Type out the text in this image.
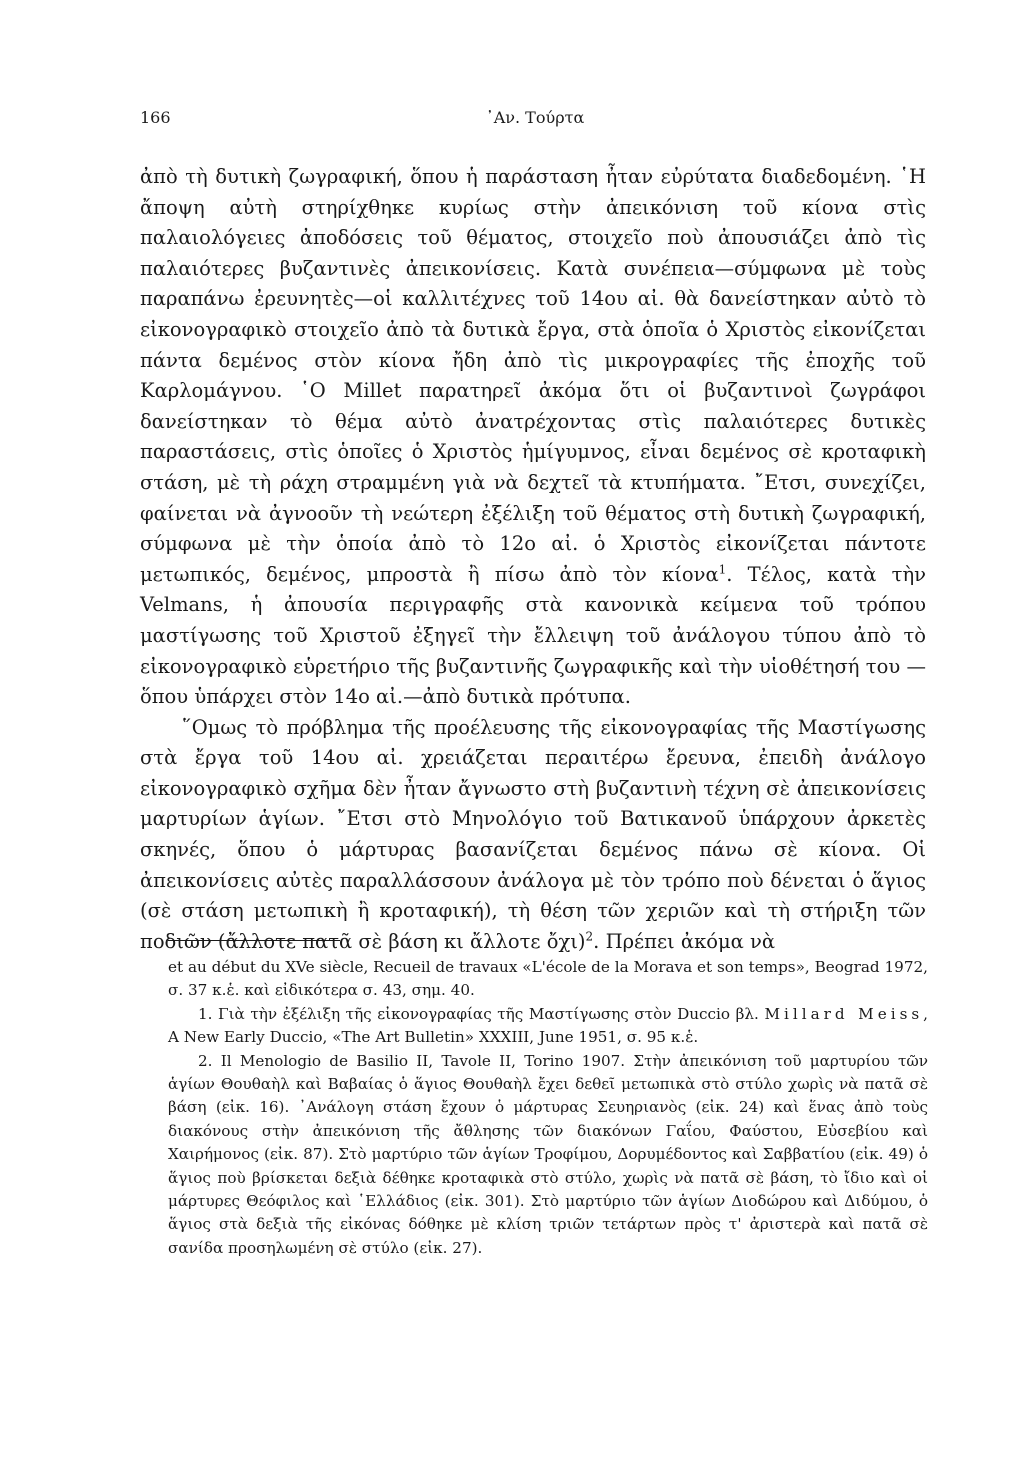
166	᾿Αν. Τούρτα

ἀπὸ τὴ δυτικὴ ζωγραφική, ὅπου ἡ παράσταση ἦταν εὐρύτατα διαδεδομένη. ῾Η ἄποψη αὐτὴ στηρίχθηκε κυρίως στὴν ἀπεικόνιση τοῦ κίονα στὶς παλαιολόγειες ἀποδόσεις τοῦ θέματος, στοιχεῖο ποὺ ἀπουσιάζει ἀπὸ τὶς παλαιότερες βυζαντινὲς ἀπεικονίσεις. Κατὰ συνέπεια—σύμφωνα μὲ τοὺς παραπάνω ἐρευνητὲς—οἱ καλλιτέχνες τοῦ 14ου αἰ. θὰ δανείστηκαν αὐτὸ τὸ εἰκονογραφικὸ στοιχεῖο ἀπὸ τὰ δυτικὰ ἔργα, στὰ ὁποῖα ὁ Χριστὸς εἰκονίζεται πάντα δεμένος στὸν κίονα ἤδη ἀπὸ τὶς μικρογραφίες τῆς ἐποχῆς τοῦ Καρλομάγνου. ῾Ο Millet παρατηρεῖ ἀκόμα ὅτι οἱ βυζαντινοὶ ζωγράφοι δανείστηκαν τὸ θέμα αὐτὸ ἀνατρέχοντας στὶς παλαιότερες δυτικὲς παραστάσεις, στὶς ὁποῖες ὁ Χριστὸς ἡμίγυμνος, εἶναι δεμένος σὲ κροταφικὴ στάση, μὲ τὴ ράχη στραμμένη γιὰ νὰ δεχτεῖ τὰ κτυπήματα. ῎Ετσι, συνεχίζει, φαίνεται νὰ ἀγνοοῦν τὴ νεώτερη ἐξέλιξη τοῦ θέματος στὴ δυτικὴ ζωγραφική, σύμφωνα μὲ τὴν ὁποία ἀπὸ τὸ 12ο αἰ. ὁ Χριστὸς εἰκονίζεται πάντοτε μετωπικός, δεμένος, μπροστὰ ἢ πίσω ἀπὸ τὸν κίονα$^1$. Τέλος, κατὰ τὴν Velmans, ἡ ἀπουσία περιγραφῆς στὰ κανονικὰ κείμενα τοῦ τρόπου μαστίγωσης τοῦ Χριστοῦ ἐξηγεῖ τὴν ἔλλειψη τοῦ ἀνάλογου τύπου ἀπὸ τὸ εἰκονογραφικὸ εὑρετήριο τῆς βυζαντινῆς ζωγραφικῆς καὶ τὴν υἱοθέτησή του —ὅπου ὑπάρχει στὸν 14ο αἰ.—ἀπὸ δυτικὰ πρότυπα.

῞Ομως τὸ πρόβλημα τῆς προέλευσης τῆς εἰκονογραφίας τῆς Μαστίγωσης στὰ ἔργα τοῦ 14ου αἰ. χρειάζεται περαιτέρω ἔρευνα, ἐπειδὴ ἀνάλογο εἰκονογραφικὸ σχῆμα δὲν ἦταν ἄγνωστο στὴ βυζαντινὴ τέχνη σὲ ἀπεικονίσεις μαρτυρίων ἁγίων. ῎Ετσι στὸ Μηνολόγιο τοῦ Βατικανοῦ ὑπάρχουν ἀρκετὲς σκηνές, ὅπου ὁ μάρτυρας βασανίζεται δεμένος πάνω σὲ κίονα. Οἱ ἀπεικονίσεις αὐτὲς παραλλάσσουν ἀνάλογα μὲ τὸν τρόπο ποὺ δένεται ὁ ἅγιος (σὲ στάση μετωπικὴ ἢ κροταφική), τὴ θέση τῶν χεριῶν καὶ τὴ στήριξη τῶν ποδιῶν (ἄλλοτε πατᾶ σὲ βάση κι ἄλλοτε ὄχι)$^2$. Πρέπει ἀκόμα νὰ

et au début du XVe siècle, Recueil de travaux «L'école de la Morava et son temps», Beograd 1972, σ. 37 κ.ἑ. καὶ εἰδικότερα σ. 43, σημ. 40.

1. Γιὰ τὴν ἐξέλιξη τῆς εἰκονογραφίας τῆς Μαστίγωσης στὸν Duccio βλ. Millard Meiss, A New Early Duccio, «The Art Bulletin» XXXIII, June 1951, σ. 95 κ.ἑ.

2. Il Menologio de Basilio II, Tavole II, Torino 1907. Στὴν ἀπεικόνιση τοῦ μαρτυρίου τῶν ἁγίων Θουθαὴλ καὶ Βαβαίας ὁ ἅγιος Θουθαὴλ ἔχει δεθεῖ μετωπικὰ στὸ στύλο χωρὶς νὰ πατᾶ σὲ βάση (εἰκ. 16). ᾿Ανάλογη στάση ἔχουν ὁ μάρτυρας Σευηριανὸς (εἰκ. 24) καὶ ἕνας ἀπὸ τοὺς διακόνους στὴν ἀπεικόνιση τῆς ἄθλησης τῶν διακόνων Γαΐου, Φαύστου, Εὐσεβίου καὶ Χαιρήμονος (εἰκ. 87). Στὸ μαρτύριο τῶν ἁγίων Τροφίμου, Δορυμέδοντος καὶ Σαββατίου (εἰκ. 49) ὁ ἅγιος ποὺ βρίσκεται δεξιὰ δέθηκε κροταφικὰ στὸ στύλο, χωρὶς νὰ πατᾶ σὲ βάση, τὸ ἴδιο καὶ οἱ μάρτυρες Θεόφιλος καὶ ῾Ελλάδιος (εἰκ. 301). Στὸ μαρτύριο τῶν ἁγίων Διοδώρου καὶ Διδύμου, ὁ ἅγιος στὰ δεξιὰ τῆς εἰκόνας δόθηκε μὲ κλίση τριῶν τετάρτων πρὸς τ' ἀριστερὰ καὶ πατᾶ σὲ σανίδα προσηλωμένη σὲ στύλο (εἰκ. 27).
